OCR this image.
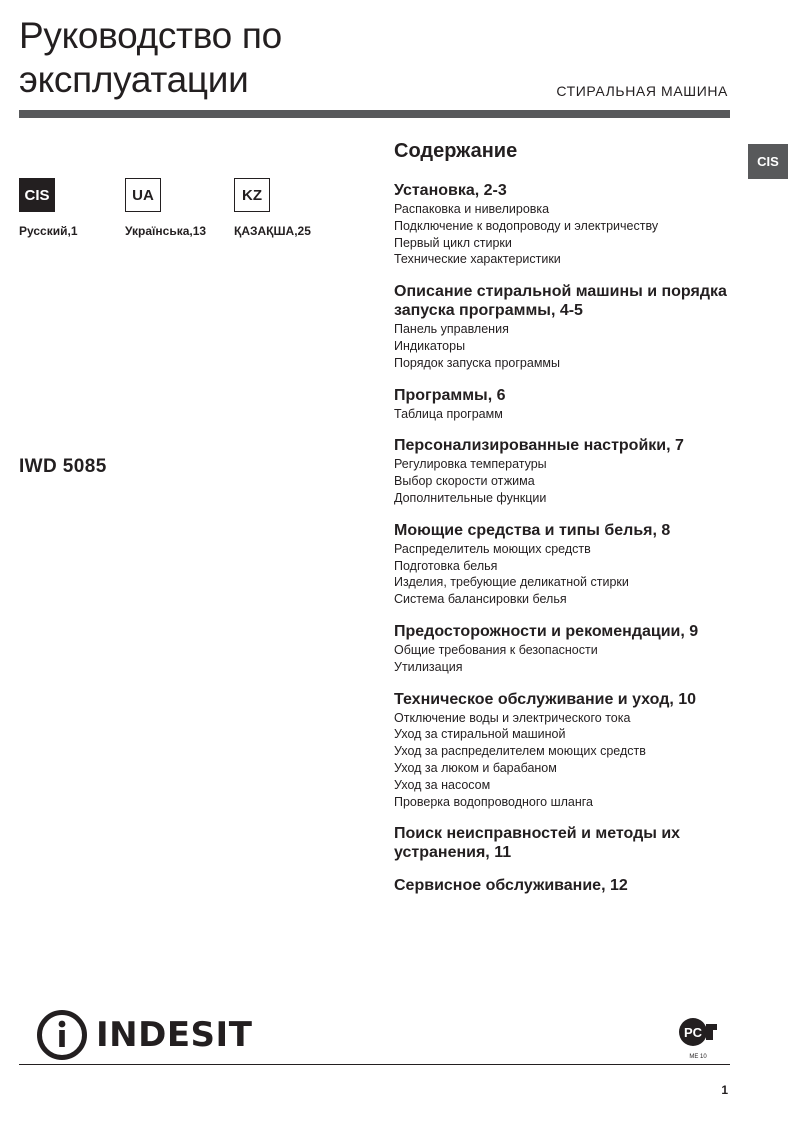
Руководство по эксплуатации	СТИРАЛЬНАЯ МАШИНА
CIS
CIS
Русский,1
UA
Українська,13
KZ
ҚАЗАҚША,25
IWD 5085
Содержание
Установка, 2-3
Распаковка и нивелировка
Подключение к водопроводу и электричеству
Первый цикл стирки
Технические характеристики
Описание стиральной машины и порядка запуска программы, 4-5
Панель управления
Индикаторы
Порядок запуска программы
Программы, 6
Таблица программ
Персонализированные настройки, 7
Регулировка температуры
Выбор скорости отжима
Дополнительные функции
Моющие средства и типы белья, 8
Распределитель моющих средств
Подготовка белья
Изделия, требующие деликатной стирки
Система балансировки белья
Предосторожности и рекомендации, 9
Общие требования к безопасности
Утилизация
Техническое обслуживание и уход, 10
Отключение воды и электрического тока
Уход за стиральной машиной
Уход за распределителем моющих средств
Уход за люком и барабаном
Уход за насосом
Проверка водопроводного шланга
Поиск неисправностей и методы их устранения, 11
Сервисное обслуживание, 12
INDESIT	PC
ME 10
1
